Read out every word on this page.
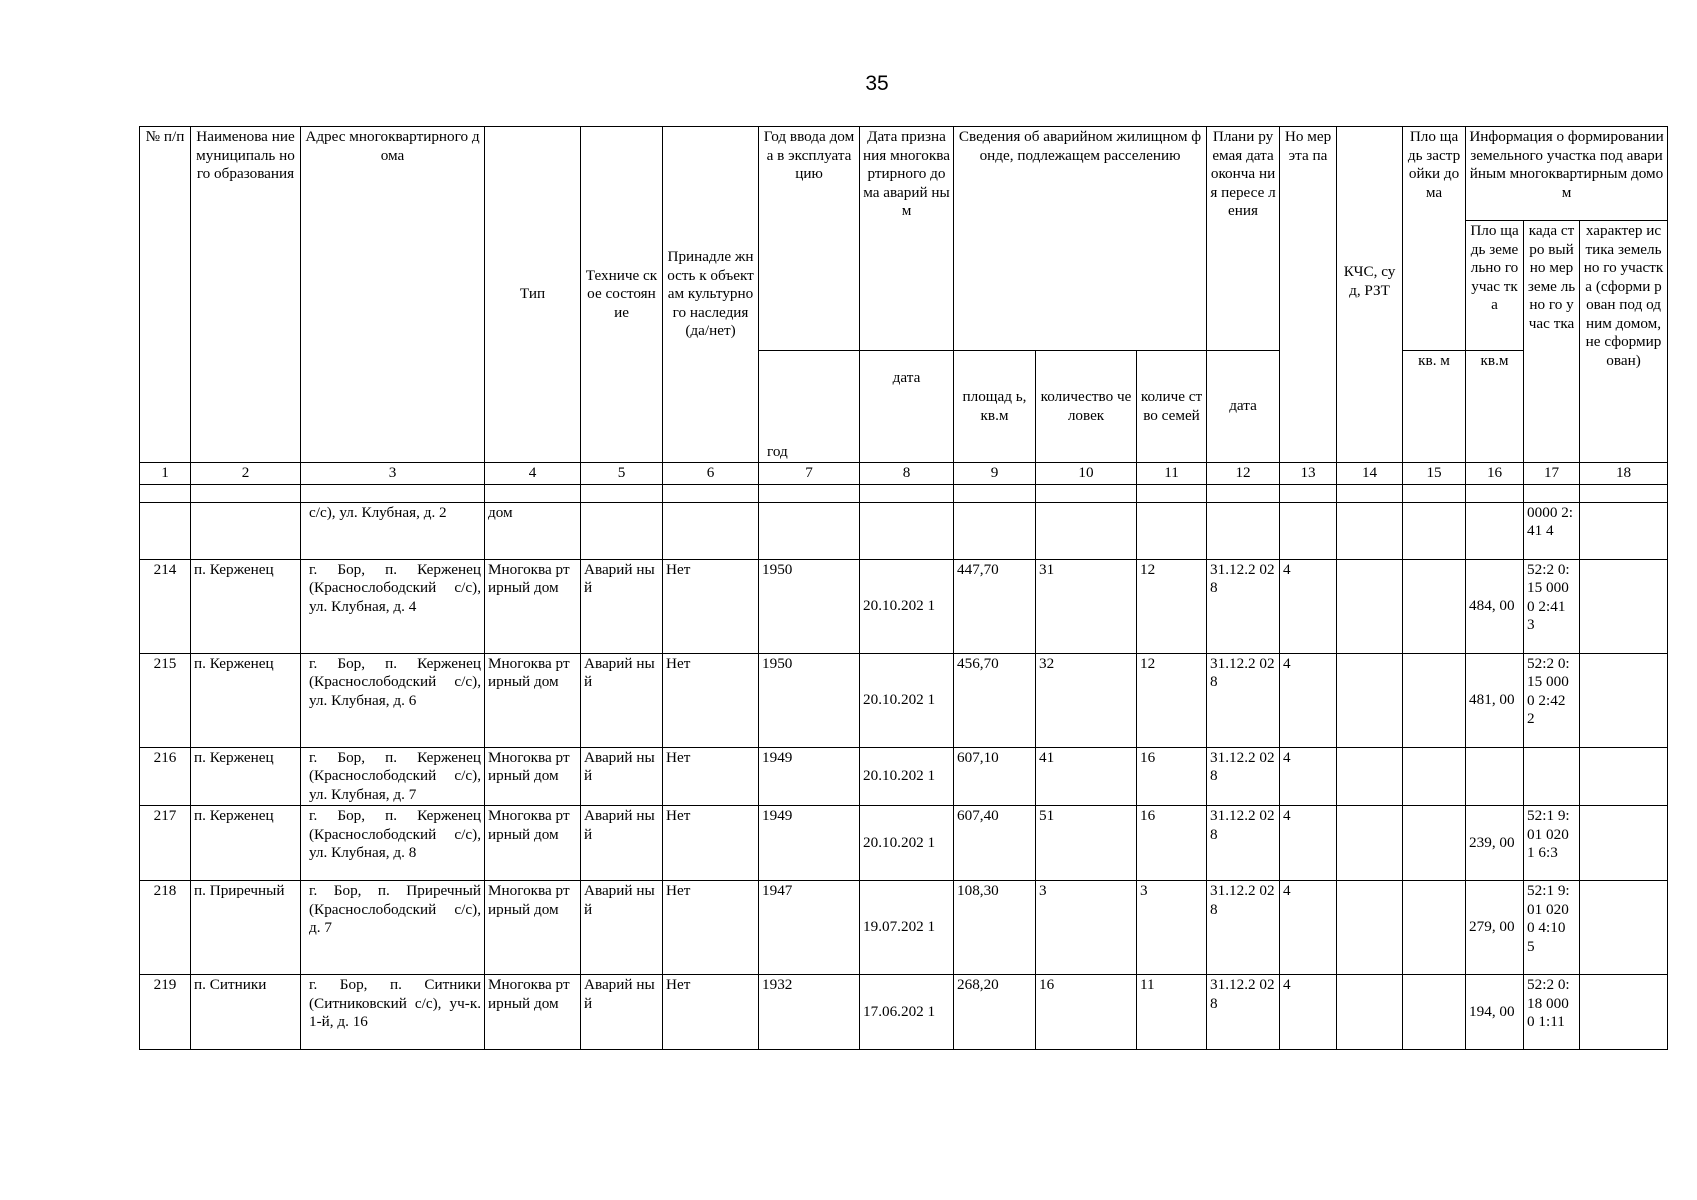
35
№ п/п	Наименова ние муниципаль ного образования	Адрес многоквартирного дома	Тип	Техниче ское состоян ие	Принадле жность к объектам культурно го наследия (да/нет)	Год ввода дома в эксплуата цию	Дата призна ния многоква ртирного дома аварий ным	Сведения об аварийном жилищном фонде, подлежащем расселению			Плани руемая дата оконча ния пересе ления	Но мер эта па	КЧС, суд, РЗТ	Пло щадь застр ойки дома	Информация о формировании земельного участка под аварийным многоквартирным домом		
															Пло щадь земе льно го учас тка	када стро вый но мер земе льно го учас тка	характер истика земельно го участка (сформи рован под одним домом, не сформир ован)
						год	дата	площад ь, кв.м	количество человек	количе ство семей	дата			кв. м	кв.м		
1	2	3	4	5	6	7	8	9	10	11	12	13	14	15	16	17	18

		с/с), ул. Клубная, д. 2	дом													0000 2:41 4	
214	п. Керженец	г. Бор, п. Керженец (Краснослободский с/с), ул. Клубная, д. 4	Многоква ртирный дом	Аварий ный	Нет	1950	20.10.202 1	447,70	31	12	31.12.2 028	4			484, 00	52:2 0:15 0000 2:41 3	
215	п. Керженец	г. Бор, п. Керженец (Краснослободский с/с), ул. Клубная, д. 6	Многоква ртирный дом	Аварий ный	Нет	1950	20.10.202 1	456,70	32	12	31.12.2 028	4			481, 00	52:2 0:15 0000 2:42 2	
216	п. Керженец	г. Бор, п. Керженец (Краснослободский с/с), ул. Клубная, д. 7	Многоква ртирный дом	Аварий ный	Нет	1949	20.10.202 1	607,10	41	16	31.12.2 028	4					
217	п. Керженец	г. Бор, п. Керженец (Краснослободский с/с), ул. Клубная, д. 8	Многоква ртирный дом	Аварий ный	Нет	1949	20.10.202 1	607,40	51	16	31.12.2 028	4			239, 00	52:1 9:01 0201 6:3	
218	п. Приречный	г. Бор, п. Приречный (Краснослободский с/с), д. 7	Многоква ртирный дом	Аварий ный	Нет	1947	19.07.202 1	108,30	3	3	31.12.2 028	4			279, 00	52:1 9:01 0200 4:10 5	
219	п. Ситники	г. Бор, п. Ситники (Ситниковский с/с), уч-к. 1-й, д. 16	Многоква ртирный дом	Аварий ный	Нет	1932	17.06.202 1	268,20	16	11	31.12.2 028	4			194, 00	52:2 0:18 0000 1:11	
